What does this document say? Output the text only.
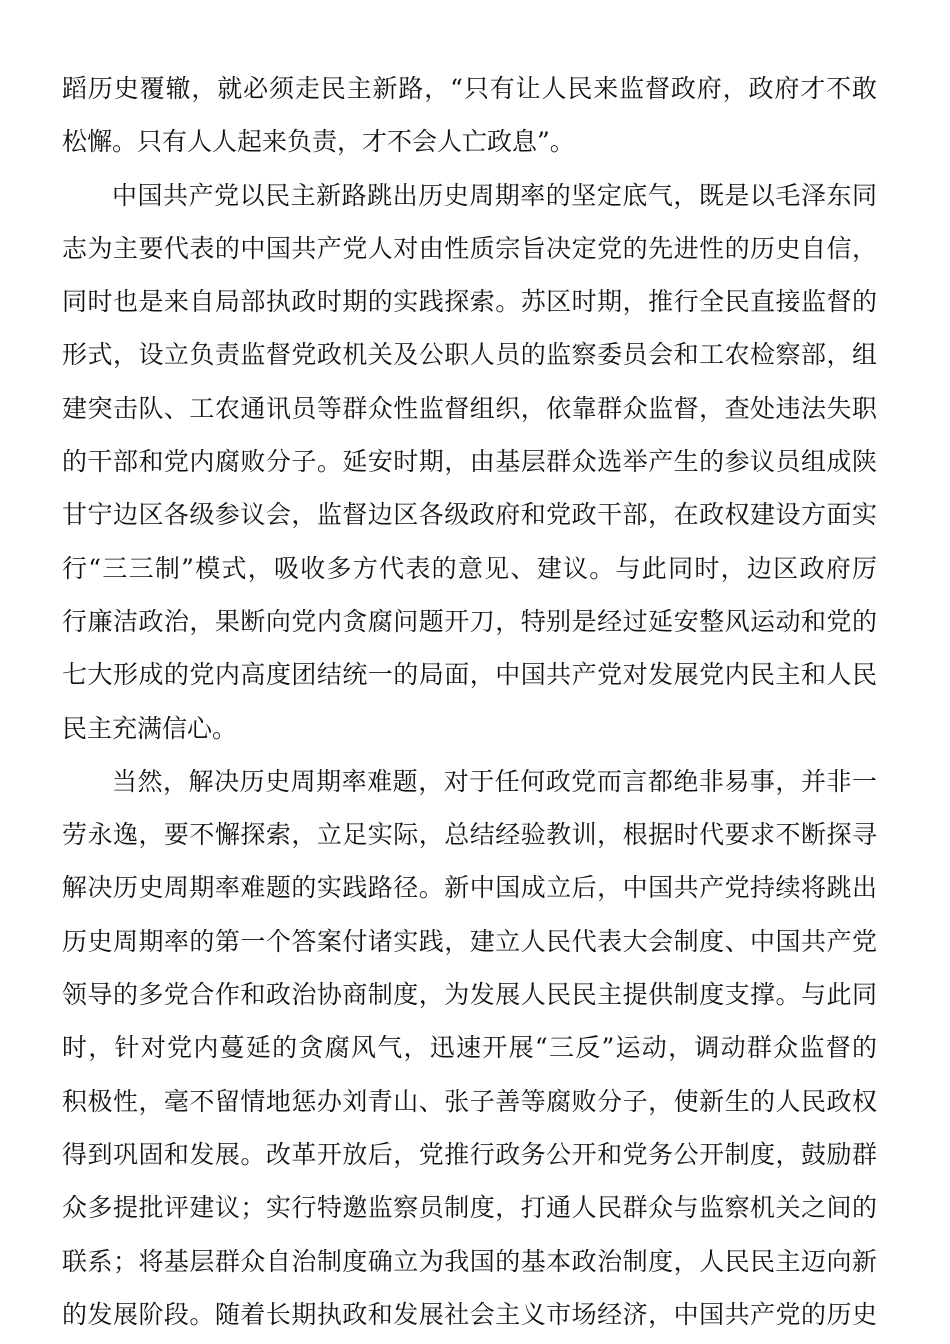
蹈历史覆辙，就必须走民主新路，“只有让人民来监督政府，政府才不敢
松懈。只有人人起来负责，才不会人亡政息”。
中国共产党以民主新路跳出历史周期率的坚定底气，既是以毛泽东同
志为主要代表的中国共产党人对由性质宗旨决定党的先进性的历史自信，
同时也是来自局部执政时期的实践探索。苏区时期，推行全民直接监督的
形式，设立负责监督党政机关及公职人员的监察委员会和工农检察部，组
建突击队、工农通讯员等群众性监督组织，依靠群众监督，查处违法失职
的干部和党内腐败分子。延安时期，由基层群众选举产生的参议员组成陕
甘宁边区各级参议会，监督边区各级政府和党政干部，在政权建设方面实
行“三三制”模式，吸收多方代表的意见、建议。与此同时，边区政府厉
行廉洁政治，果断向党内贪腐问题开刀，特别是经过延安整风运动和党的
七大形成的党内高度团结统一的局面，中国共产党对发展党内民主和人民
民主充满信心。
当然，解决历史周期率难题，对于任何政党而言都绝非易事，并非一
劳永逸，要不懈探索，立足实际，总结经验教训，根据时代要求不断探寻
解决历史周期率难题的实践路径。新中国成立后，中国共产党持续将跳出
历史周期率的第一个答案付诸实践，建立人民代表大会制度、中国共产党
领导的多党合作和政治协商制度，为发展人民民主提供制度支撑。与此同
时，针对党内蔓延的贪腐风气，迅速开展“三反”运动，调动群众监督的
积极性，毫不留情地惩办刘青山、张子善等腐败分子，使新生的人民政权
得到巩固和发展。改革开放后，党推行政务公开和党务公开制度，鼓励群
众多提批评建议；实行特邀监察员制度，打通人民群众与监察机关之间的
联系；将基层群众自治制度确立为我国的基本政治制度，人民民主迈向新
的发展阶段。随着长期执政和发展社会主义市场经济，中国共产党的历史
